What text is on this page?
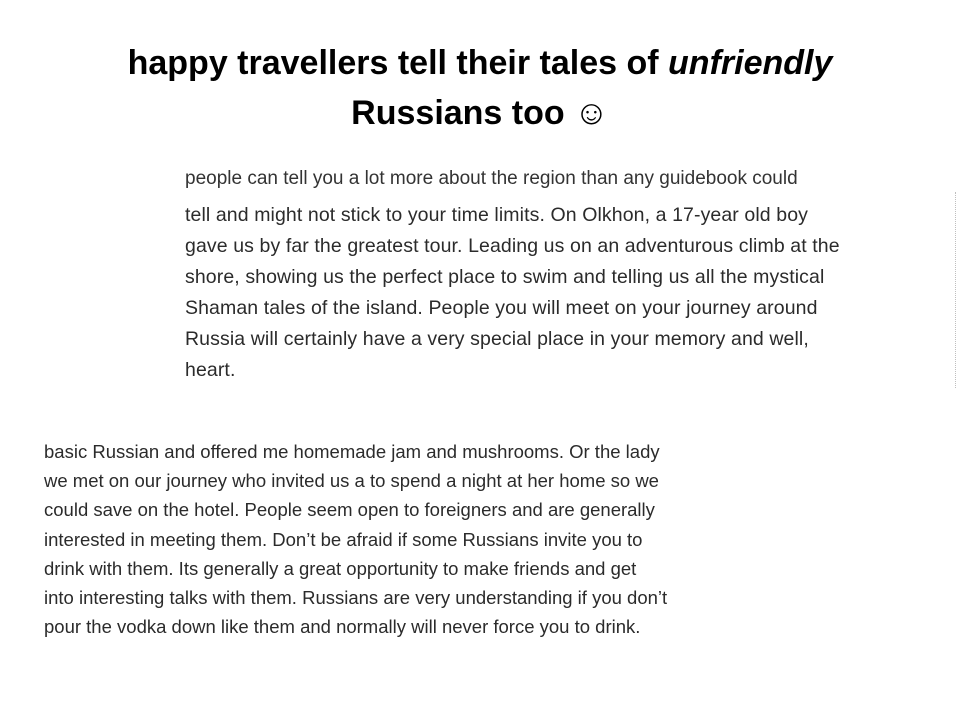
happy travellers tell their tales of unfriendly
Russians too ☺
people can tell you a lot more about the region than any guidebook could
tell and might not stick to your time limits. On Olkhon, a 17-year old boy
gave us by far the greatest tour. Leading us on an adventurous climb at the
shore, showing us the perfect place to swim and telling us all the mystical
Shaman tales of the island. People you will meet on your journey around
Russia will certainly have a very special place in your memory and well,
heart.
basic Russian and offered me homemade jam and mushrooms. Or the lady
we met on our journey who invited us a to spend a night at her home so we
could save on the hotel. People seem open to foreigners and are generally
interested in meeting them. Don’t be afraid if some Russians invite you to
drink with them. Its generally a great opportunity to make friends and get
into interesting talks with them. Russians are very understanding if you don’t
pour the vodka down like them and normally will never force you to drink.
